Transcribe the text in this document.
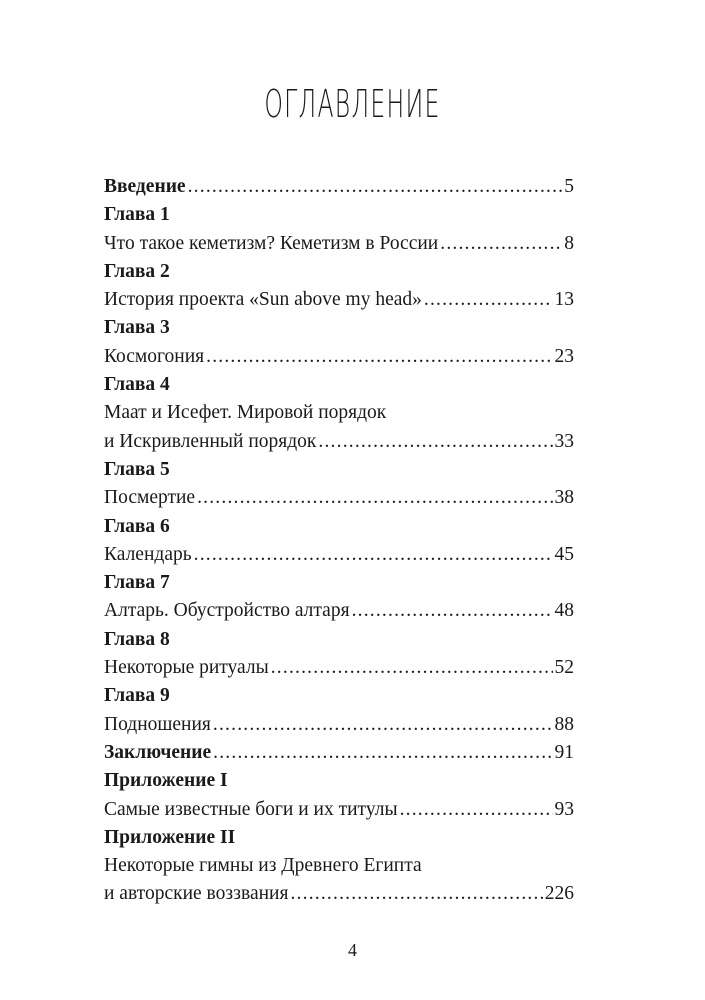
ОГЛАВЛЕНИЕ
Введение .....	5
Глава 1
Что такое кеметизм? Кеметизм в России .....	8
Глава 2
История проекта «Sun above my head» .....	13
Глава 3
Космогония .....	23
Глава 4
Маат и Исефет. Мировой порядок
и Искривленный порядок .....	33
Глава 5
Посмертие .....	38
Глава 6
Календарь .....	45
Глава 7
Алтарь. Обустройство алтаря .....	48
Глава 8
Некоторые ритуалы .....	52
Глава 9
Подношения .....	88
Заключение .....	91
Приложение I
Самые известные боги и их титулы .....	93
Приложение II
Некоторые гимны из Древнего Египта
и авторские воззвания .....	226
4
